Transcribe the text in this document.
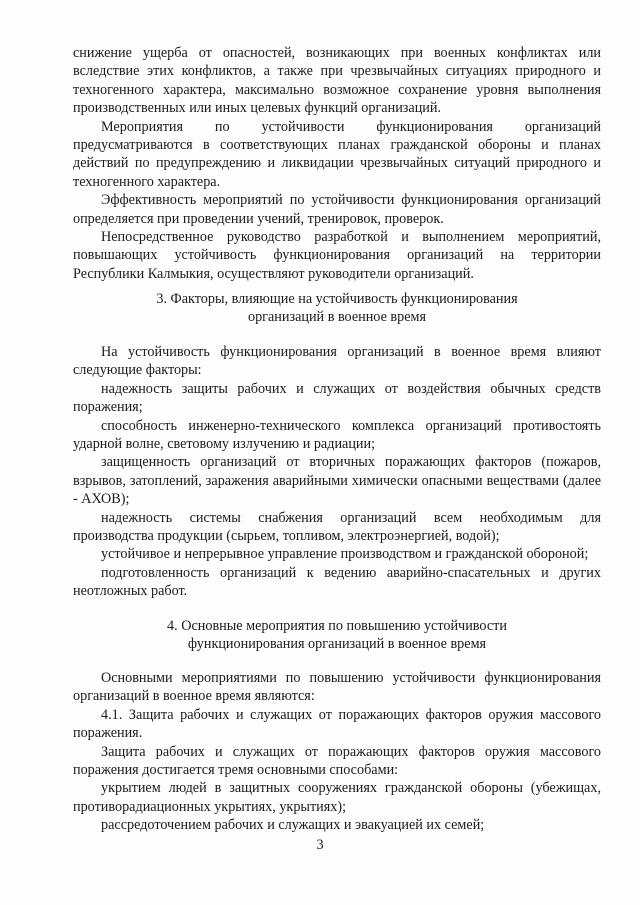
снижение ущерба от опасностей, возникающих при военных конфликтах или вследствие этих конфликтов, а также при чрезвычайных ситуациях природного и техногенного характера, максимально возможное сохранение уровня выполнения производственных или иных целевых функций организаций.

Мероприятия по устойчивости функционирования организаций предусматриваются в соответствующих планах гражданской обороны и планах действий по предупреждению и ликвидации чрезвычайных ситуаций природного и техногенного характера.

Эффективность мероприятий по устойчивости функционирования организаций определяется при проведении учений, тренировок, проверок.

Непосредственное руководство разработкой и выполнением мероприятий, повышающих устойчивость функционирования организаций на территории Республики Калмыкия, осуществляют руководители организаций.

3. Факторы, влияющие на устойчивость функционирования

организаций в военное время

На устойчивость функционирования организаций в военное время влияют следующие факторы:

надежность защиты рабочих и служащих от воздействия обычных средств поражения;

способность инженерно-технического комплекса организаций противостоять ударной волне, световому излучению и радиации;

защищенность организаций от вторичных поражающих факторов (пожаров, взрывов, затоплений, заражения аварийными химически опасными веществами (далее - АХОВ);

надежность системы снабжения организаций всем необходимым для производства продукции (сырьем, топливом, электроэнергией, водой);

устойчивое и непрерывное управление производством и гражданской обороной;

подготовленность организаций к ведению аварийно-спасательных и других неотложных работ.

4. Основные мероприятия по повышению устойчивости

функционирования организаций в военное время

Основными мероприятиями по повышению устойчивости функционирования организаций в военное время являются:

4.1. Защита рабочих и служащих от поражающих факторов оружия массового поражения.

Защита рабочих и служащих от поражающих факторов оружия массового поражения достигается тремя основными способами:

укрытием людей в защитных сооружениях гражданской обороны (убежищах, противорадиационных укрытиях, укрытиях);

рассредоточением рабочих и служащих и эвакуацией их семей;

3
